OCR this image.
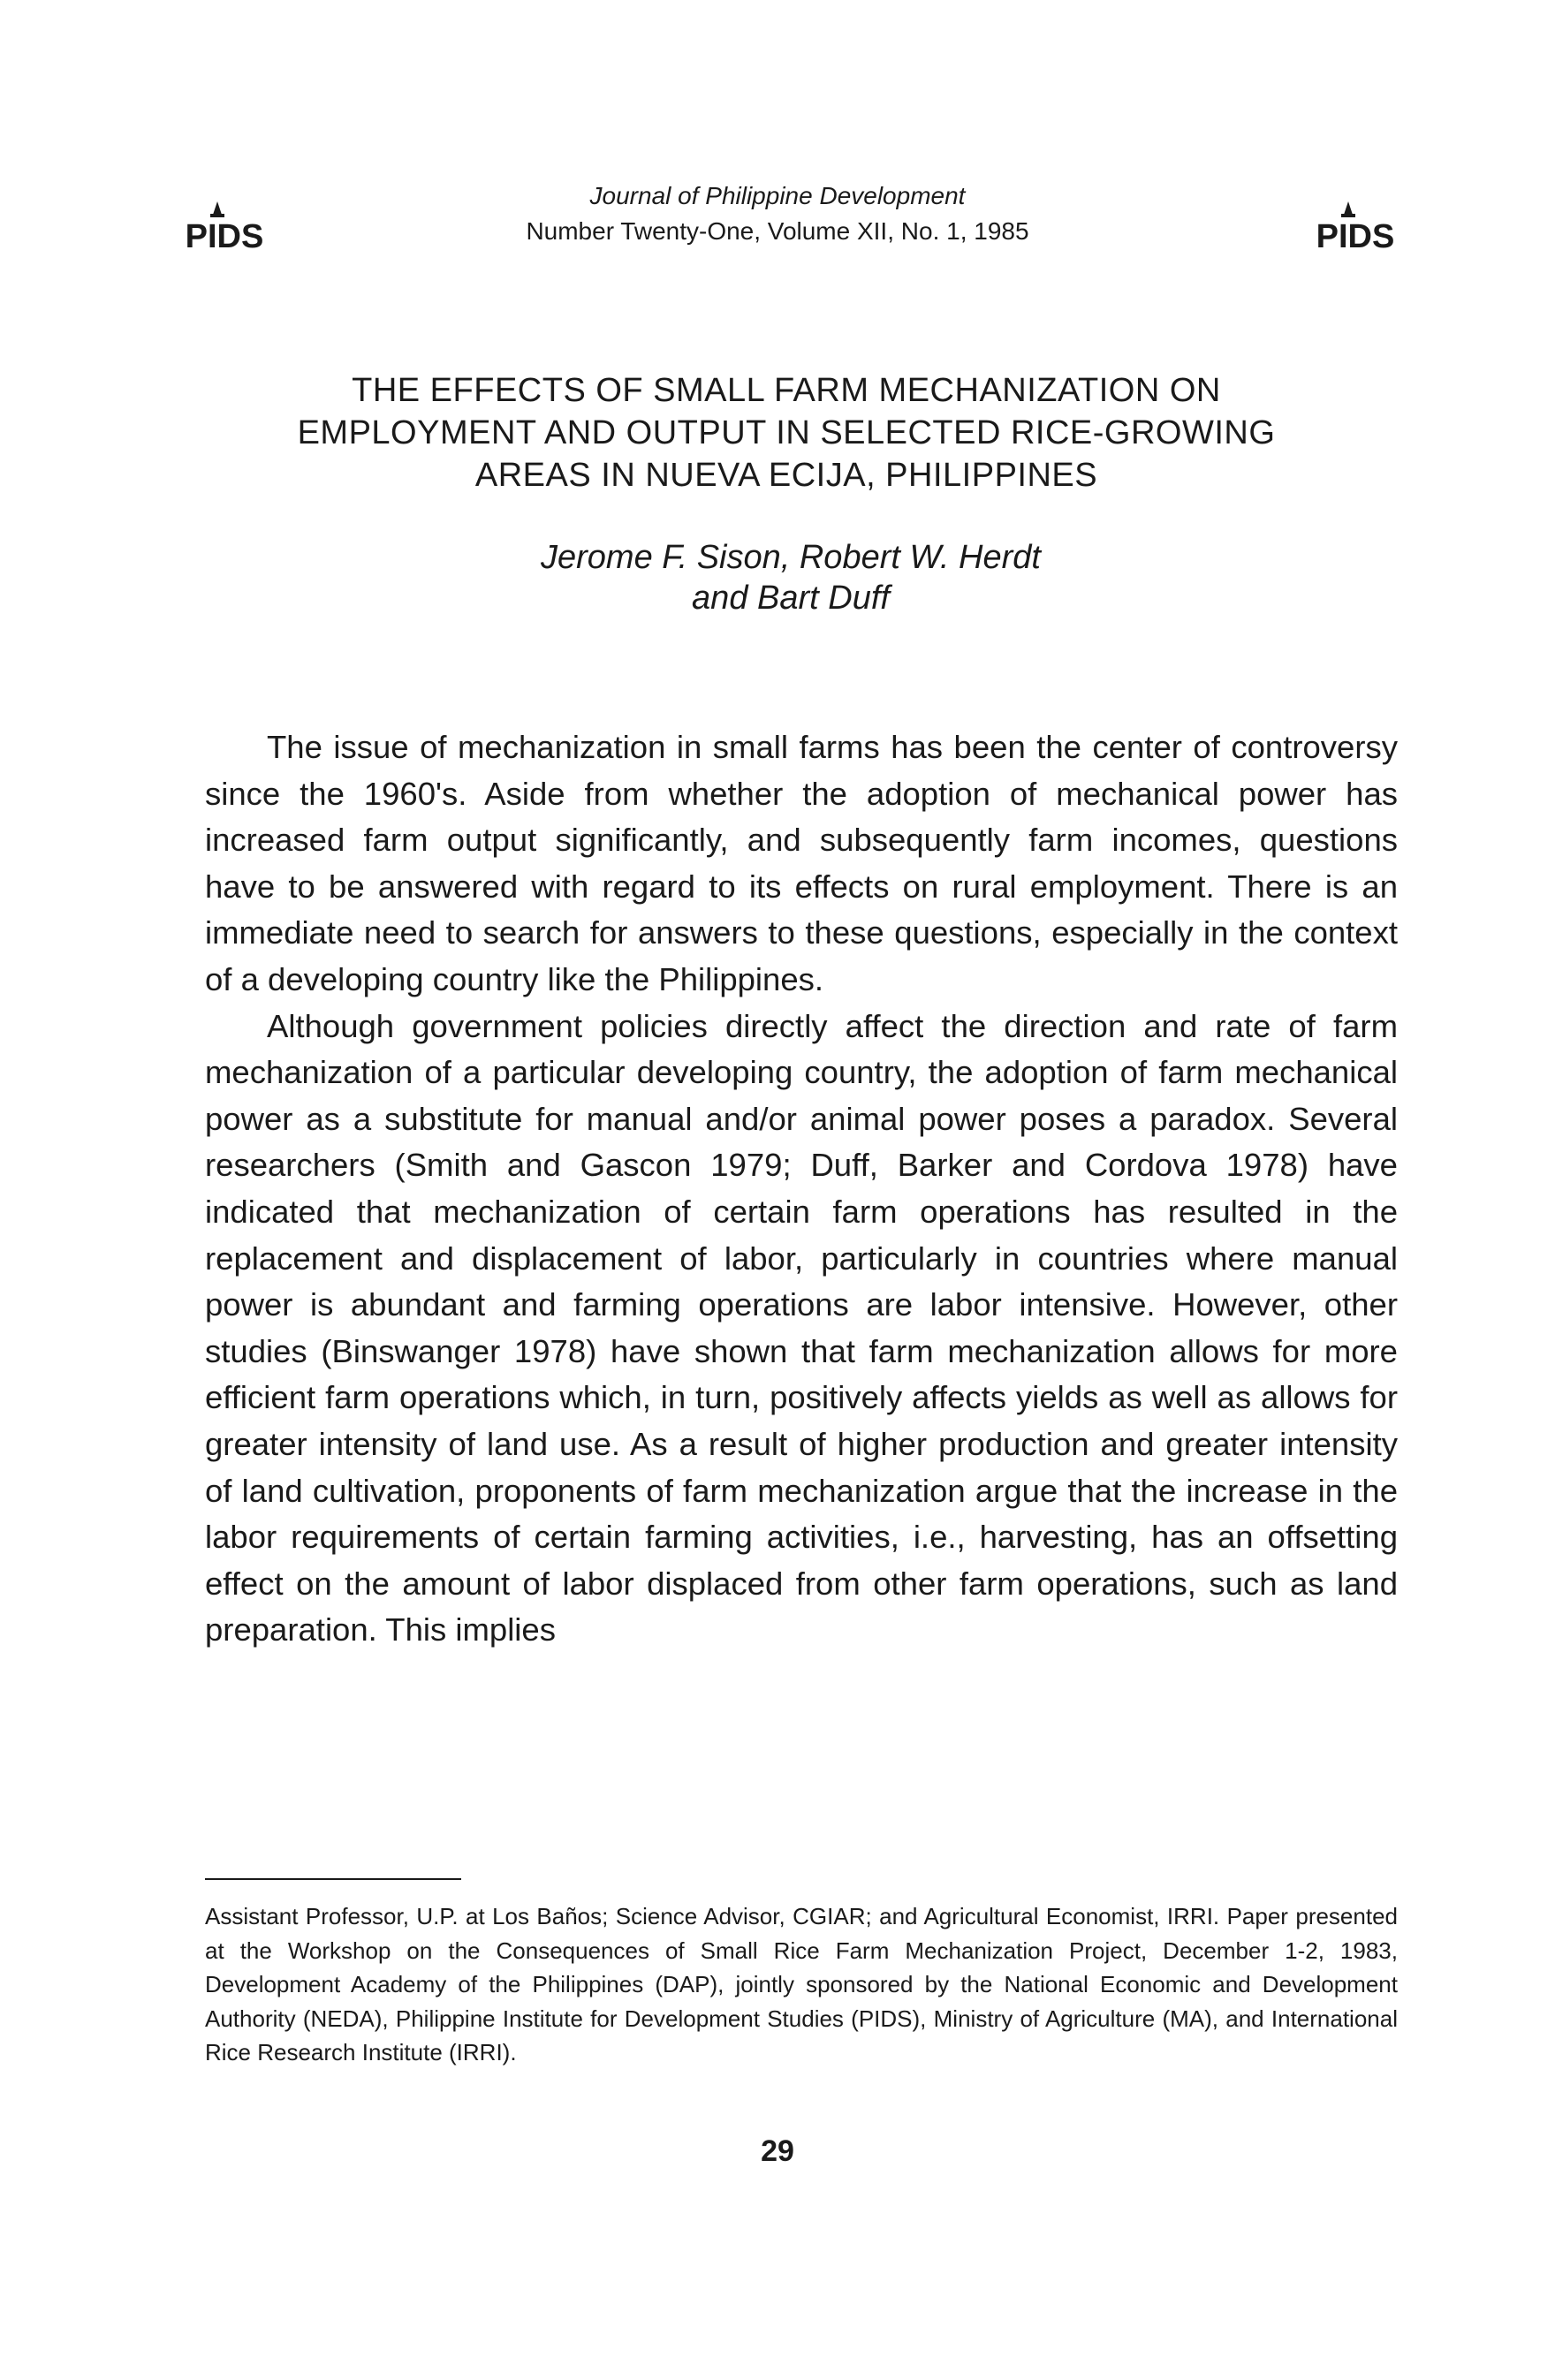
PIDS
Journal of Philippine Development
Number Twenty-One, Volume XII, No. 1, 1985	PIDS
THE EFFECTS OF SMALL FARM MECHANIZATION ON
EMPLOYMENT AND OUTPUT IN SELECTED RICE-GROWING
AREAS IN NUEVA ECIJA, PHILIPPINES
Jerome F. Sison, Robert W. Herdt
and Bart Duff

The issue of mechanization in small farms has been the center of controversy since the 1960's. Aside from whether the adoption of mechanical power has increased farm output significantly, and subsequently farm incomes, questions have to be answered with regard to its effects on rural employment. There is an immediate need to search for answers to these questions, especially in the context of a developing country like the Philippines.

Although government policies directly affect the direction and rate of farm mechanization of a particular developing country, the adoption of farm mechanical power as a substitute for manual and/or animal power poses a paradox. Several researchers (Smith and Gascon 1979; Duff, Barker and Cordova 1978) have indicated that mechanization of certain farm operations has resulted in the replacement and displacement of labor, particularly in countries where manual power is abundant and farming operations are labor intensive. However, other studies (Binswanger 1978) have shown that farm mechanization allows for more efficient farm operations which, in turn, positively affects yields as well as allows for greater intensity of land use. As a result of higher production and greater intensity of land cultivation, proponents of farm mechanization argue that the increase in the labor requirements of certain farming activities, i.e., harvesting, has an offsetting effect on the amount of labor displaced from other farm operations, such as land preparation. This implies

Assistant Professor, U.P. at Los Baños; Science Advisor, CGIAR; and Agricultural Economist, IRRI. Paper presented at the Workshop on the Consequences of Small Rice Farm Mechanization Project, December 1-2, 1983, Development Academy of the Philippines (DAP), jointly sponsored by the National Economic and Development Authority (NEDA), Philippine Institute for Development Studies (PIDS), Ministry of Agriculture (MA), and International Rice Research Institute (IRRI).

29
